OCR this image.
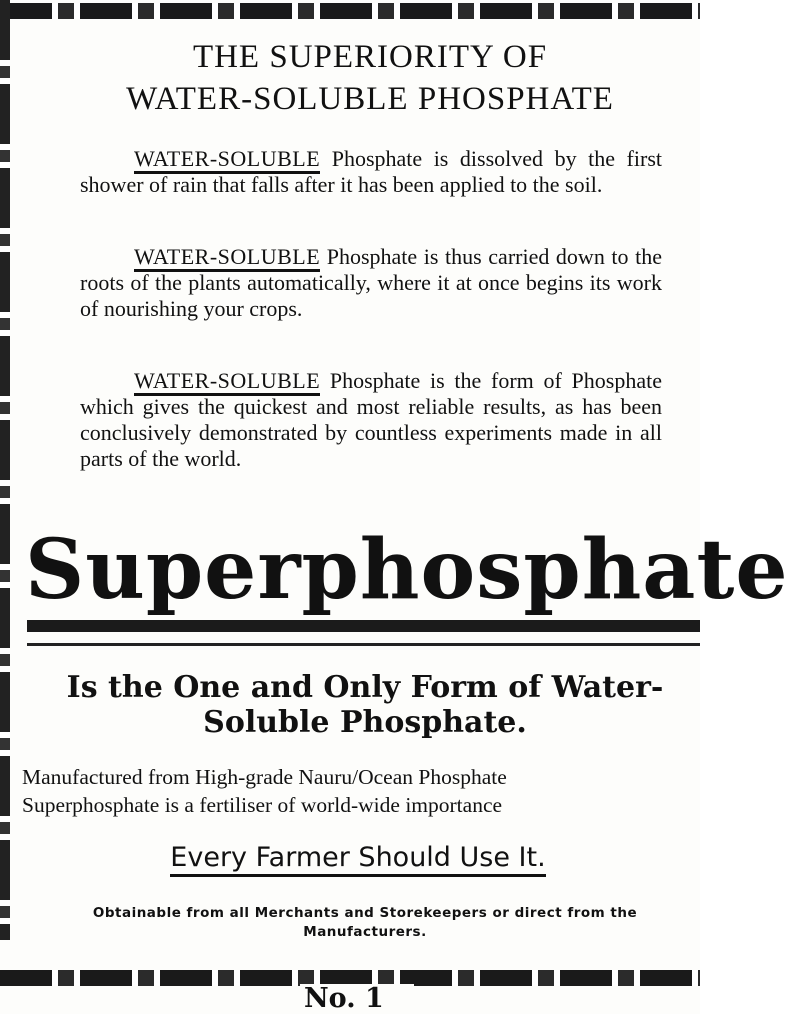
THE SUPERIORITY OF
WATER-SOLUBLE PHOSPHATE

WATER-SOLUBLE Phosphate is dissolved by the first shower of rain that falls after it has been applied to the soil.

WATER-SOLUBLE Phosphate is thus carried down to the roots of the plants automatically, where it at once begins its work of nourishing your crops.

WATER-SOLUBLE Phosphate is the form of Phosphate which gives the quickest and most reliable results, as has been conclusively demonstrated by countless experiments made in all parts of the world.

Superphosphate
Is the One and Only Form of Water-
Soluble Phosphate.

Manufactured from High-grade Nauru/Ocean Phosphate
Superphosphate is a fertiliser of world-wide importance

Every Farmer Should Use It.

Obtainable from all Merchants and Storekeepers or direct from the Manufacturers.

No. 1
